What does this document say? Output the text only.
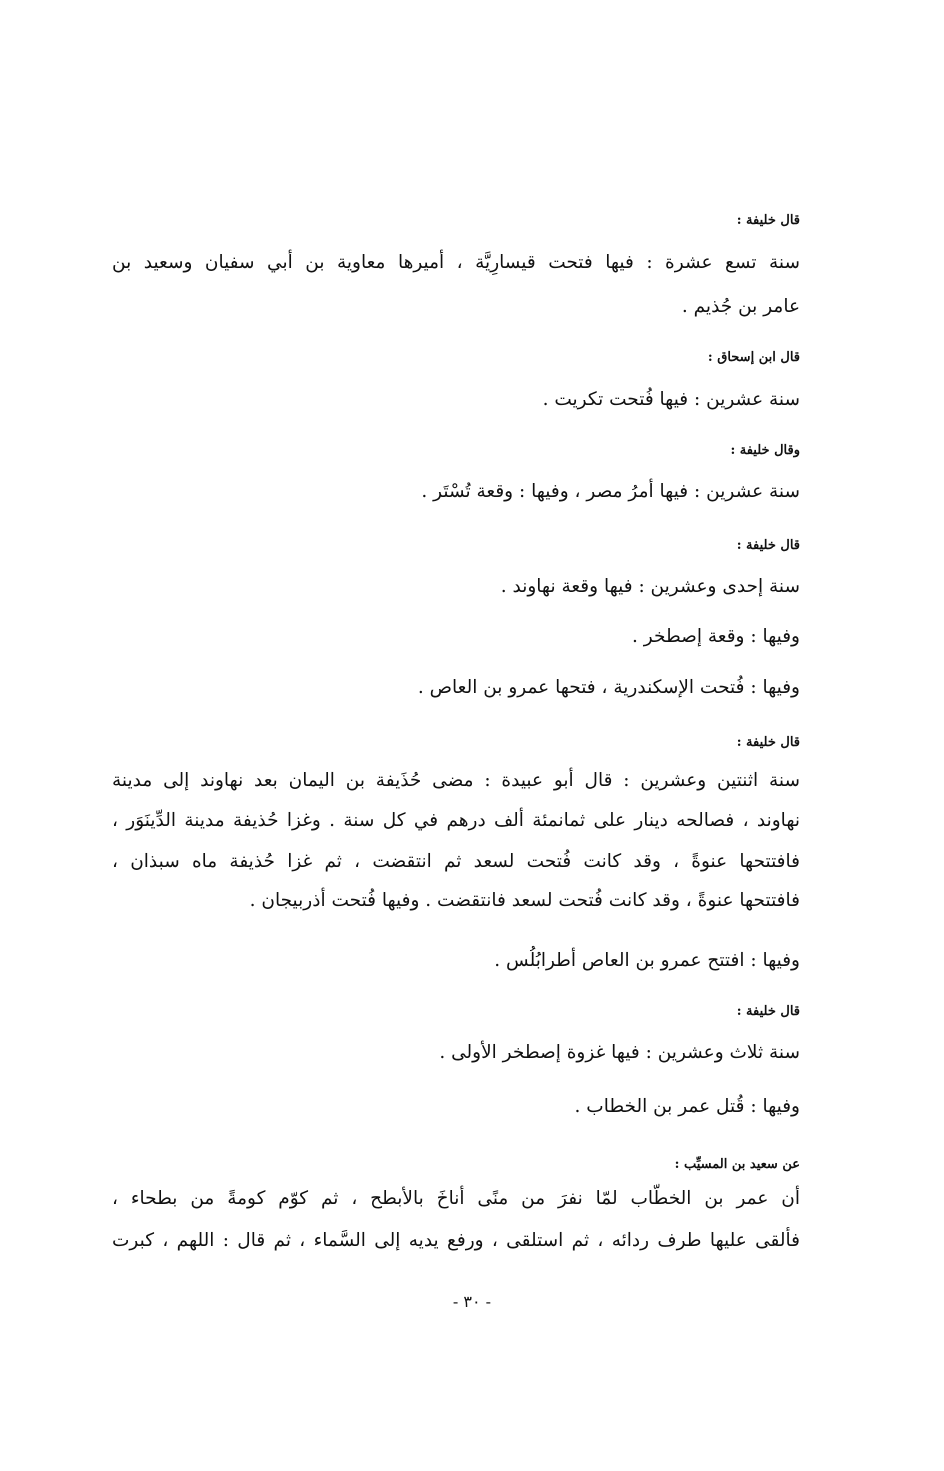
قال خليفة :
سنة تسع عشرة : فيها فتحت قيسارِيَّة ، أميرها معاوية بن أبي سفيان وسعيد بن
عامر بن جُذيم .
قال ابن إسحاق :
سنة عشرين : فيها فُتحت تكريت .
وقال خليفة :
سنة عشرين : فيها أمرُ مصر ، وفيها : وقعة تُسْتَر .
قال خليفة :
سنة إحدى وعشرين : فيها وقعة نهاوند .
وفيها : وقعة إصطخر .
وفيها : فُتحت الإسكندرية ، فتحها عمرو بن العاص .
قال خليفة :
سنة اثنتين وعشرين : قال أبو عبيدة : مضى حُذَيفة بن اليمان بعد نهاوند إلى مدينة
نهاوند ، فصالحه دينار على ثمانمئة ألف درهم في كل سنة . وغزا حُذيفة مدينة الدِّينَوَر ،
فافتتحها عنوةً ، وقد كانت فُتحت لسعد ثم انتقضت ، ثم غزا حُذيفة ماه سبذان ،
فافتتحها عنوةً ، وقد كانت فُتحت لسعد فانتقضت . وفيها فُتحت أذربيجان .
وفيها : افتتح عمرو بن العاص أطرابُلُس .
قال خليفة :
سنة ثلاث وعشرين : فيها غزوة إصطخر الأولى .
وفيها : قُتل عمر بن الخطاب .
عن سعيد بن المسيِّب :
أن عمر بن الخطّاب لمّا نفرَ من منًى أناخَ بالأبطح ، ثم كوّم كومةً من بطحاء ،
فألقى عليها طرف ردائه ، ثم استلقى ، ورفع يديه إلى السَّماء ، ثم قال : اللهم ، كبرت
- ٣٠ -
